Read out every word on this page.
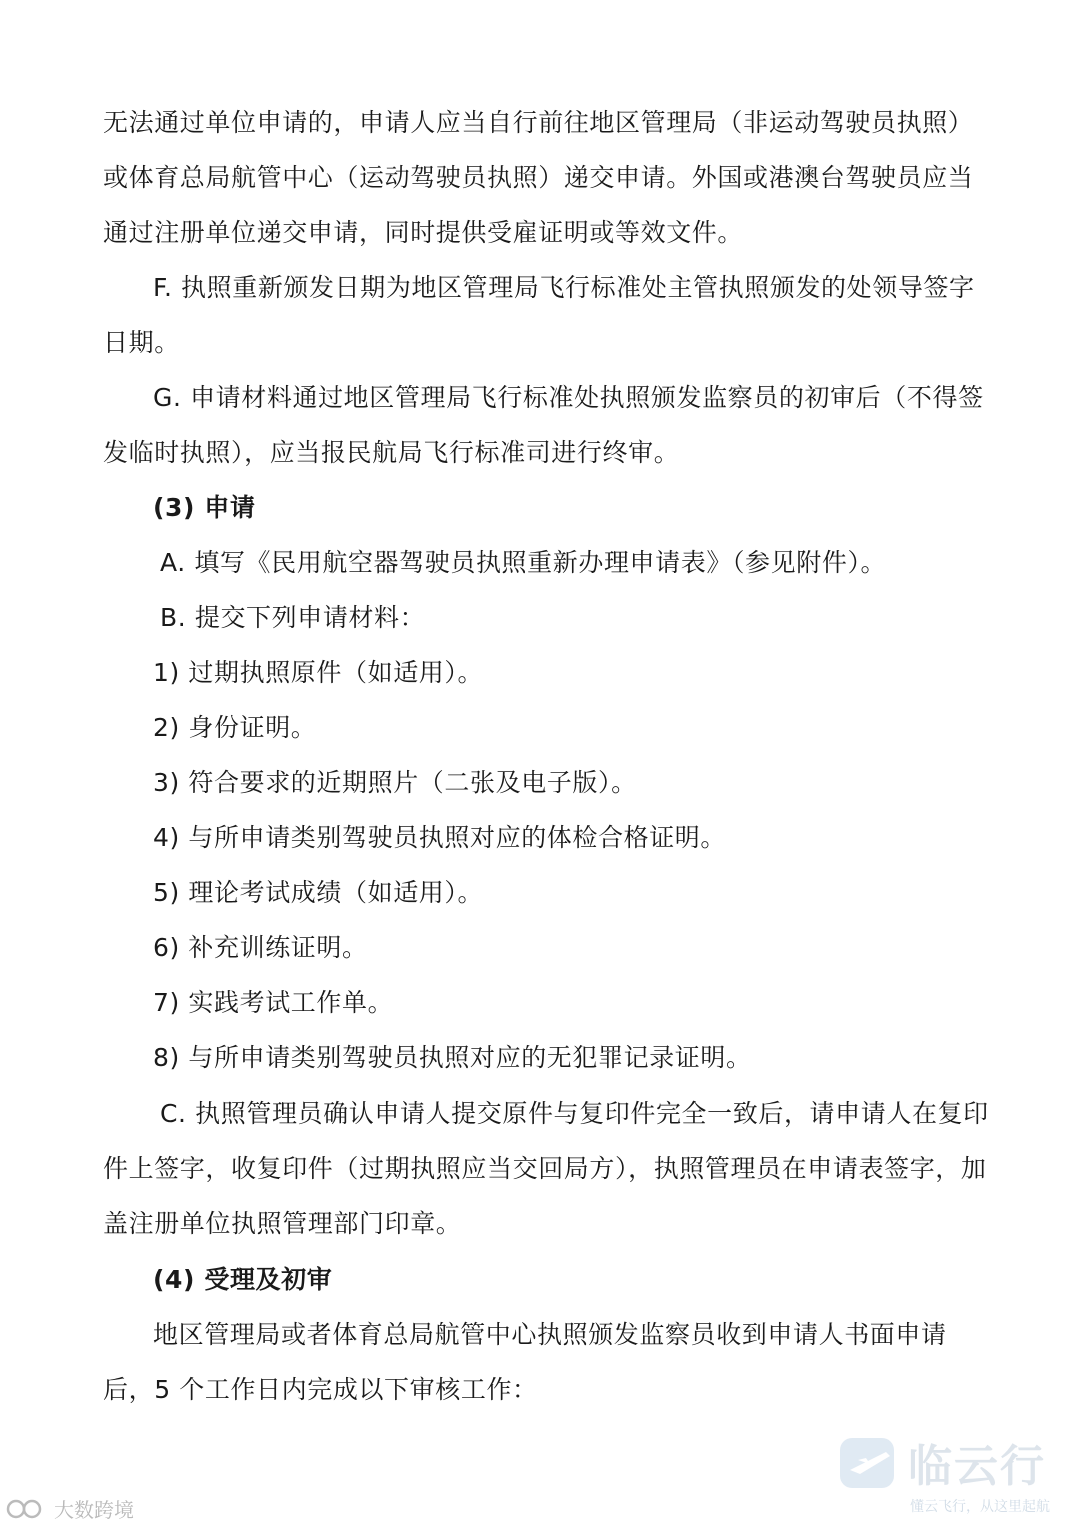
无法通过单位申请的，申请人应当自行前往地区管理局（非运动驾驶员执照）
或体育总局航管中心（运动驾驶员执照）递交申请。外国或港澳台驾驶员应当
通过注册单位递交申请，同时提供受雇证明或等效文件。
F. 执照重新颁发日期为地区管理局飞行标准处主管执照颁发的处领导签字
日期。
G. 申请材料通过地区管理局飞行标准处执照颁发监察员的初审后（不得签
发临时执照），应当报民航局飞行标准司进行终审。
(3) 申请
A. 填写《民用航空器驾驶员执照重新办理申请表》（参见附件）。
B. 提交下列申请材料：
1) 过期执照原件（如适用）。
2) 身份证明。
3) 符合要求的近期照片（二张及电子版）。
4) 与所申请类别驾驶员执照对应的体检合格证明。
5) 理论考试成绩（如适用）。
6) 补充训练证明。
7) 实践考试工作单。
8) 与所申请类别驾驶员执照对应的无犯罪记录证明。
C. 执照管理员确认申请人提交原件与复印件完全一致后，请申请人在复印
件上签字，收复印件（过期执照应当交回局方），执照管理员在申请表签字，加
盖注册单位执照管理部门印章。
(4) 受理及初审
地区管理局或者体育总局航管中心执照颁发监察员收到申请人书面申请
后，5 个工作日内完成以下审核工作：
大数跨境
临云行
懂云飞行，从这里起航
